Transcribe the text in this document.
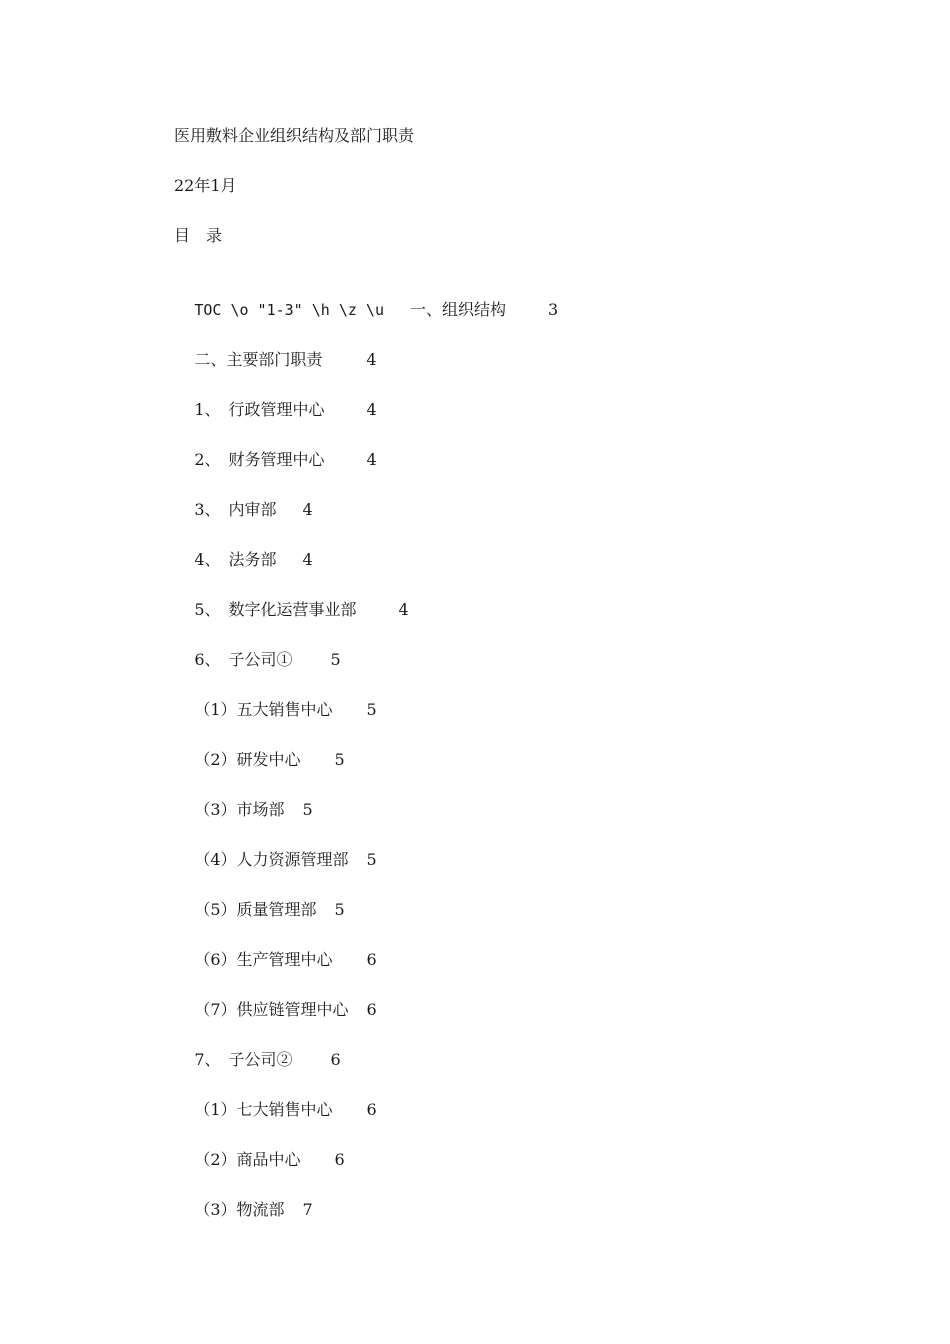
医用敷料企业组织结构及部门职责
22年1月
目　录

TOC \o "1-3" \h \z \u 一、组织结构	3

二、主要部门职责	4

1、　行政管理中心	4

2、　财务管理中心	4

3、　内审部 4

4、　法务部 4

5、　数字化运营事业部	4

6、　子公司① 5

（1）五大销售中心 5

（2）研发中心 5

（3）市场部 5

（4）人力资源管理部 5

（5）质量管理部 5

（6）生产管理中心 6

（7）供应链管理中心 6

7、　子公司② 6

（1）七大销售中心 6

（2）商品中心 6

（3）物流部 7
